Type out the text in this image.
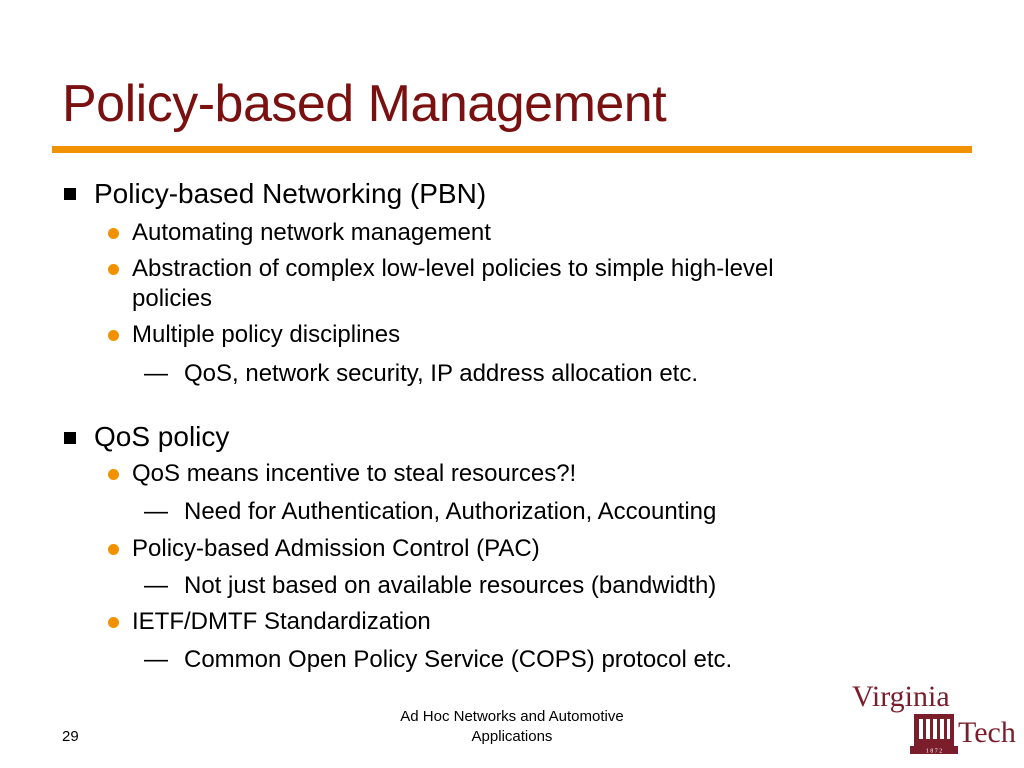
Policy-based Management
Policy-based Networking (PBN)
Automating network management
Abstraction of complex low-level policies to simple high-level
policies
Multiple policy disciplines
— QoS, network security, IP address allocation etc.
QoS policy
QoS means incentive to steal resources?!
— Need for Authentication, Authorization, Accounting
Policy-based Admission Control (PAC)
— Not just based on available resources (bandwidth)
IETF/DMTF Standardization
— Common Open Policy Service (COPS) protocol etc.
Ad Hoc Networks and Automotive
Applications
29
Virginia
1 8 7 2
Tech
